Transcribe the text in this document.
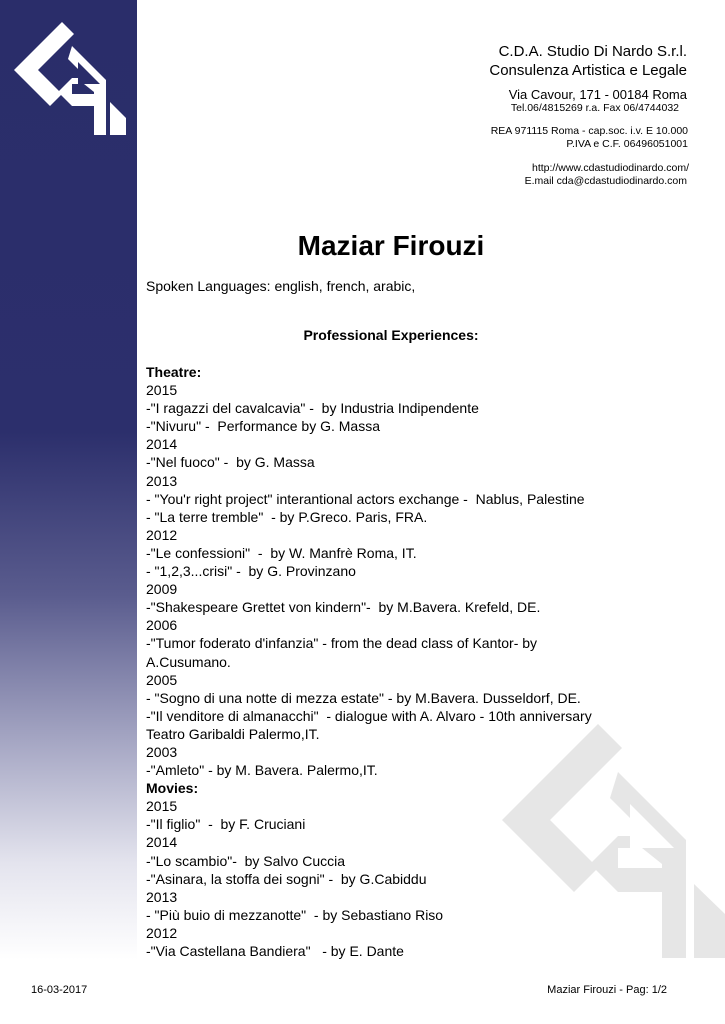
C.D.A. Studio Di Nardo S.r.l.
Consulenza Artistica e Legale
Via Cavour, 171 - 00184 Roma
Tel.06/4815269 r.a. Fax 06/4744032
REA 971115 Roma - cap.soc. i.v. E 10.000
P.IVA e C.F. 06496051001
http://www.cdastudiodinardo.com/
E.mail cda@cdastudiodinardo.com
Maziar Firouzi
Spoken Languages: english, french, arabic,
Professional Experiences:
Theatre:
2015
-"I ragazzi del cavalcavia" -  by Industria Indipendente
-"Nivuru" -  Performance by G. Massa
2014
-"Nel fuoco" -  by G. Massa
2013
- "You'r right project" interantional actors exchange -  Nablus, Palestine
- "La terre tremble"  - by P.Greco. Paris, FRA.
2012
-"Le confessioni"  -  by W. Manfrè Roma, IT.
- "1,2,3...crisi" -  by G. Provinzano
2009
-"Shakespeare Grettet von kindern"-  by M.Bavera. Krefeld, DE.
2006
-"Tumor foderato d'infanzia" - from the dead class of Kantor- by
A.Cusumano.
2005
- "Sogno di una notte di mezza estate" - by M.Bavera. Dusseldorf, DE.
-"Il venditore di almanacchi"  - dialogue with A. Alvaro - 10th anniversary
Teatro Garibaldi Palermo,IT.
2003
-"Amleto" - by M. Bavera. Palermo,IT.
Movies:
2015
-"Il figlio"  -  by F. Cruciani
2014
-"Lo scambio"-  by Salvo Cuccia
-"Asinara, la stoffa dei sogni" -  by G.Cabiddu
2013
- "Più buio di mezzanotte"  - by Sebastiano Riso
2012
-"Via Castellana Bandiera"   - by E. Dante
16-03-2017	Maziar Firouzi - Pag: 1/2
